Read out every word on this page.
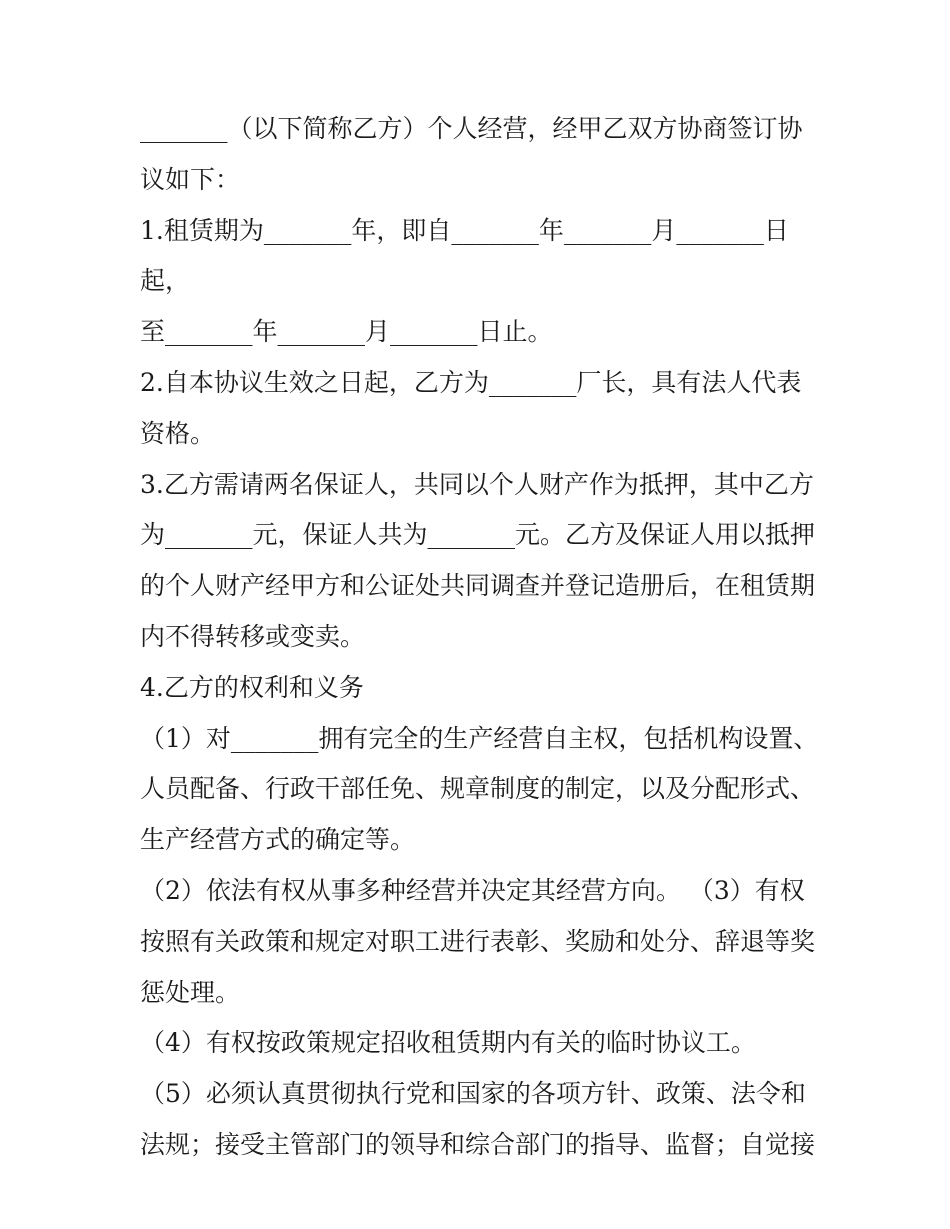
_______（以下简称乙方）个人经营，经甲乙双方协商签订协
议如下：

1.租赁期为_______年，即自_______年_______月_______日起，
至_______年_______月_______日止。

2.自本协议生效之日起，乙方为_______厂长，具有法人代表
资格。

3.乙方需请两名保证人，共同以个人财产作为抵押，其中乙方
为_______元，保证人共为_______元。乙方及保证人用以抵押
的个人财产经甲方和公证处共同调查并登记造册后，在租赁期
内不得转移或变卖。

4.乙方的权利和义务

（1）对_______拥有完全的生产经营自主权，包括机构设置、
人员配备、行政干部任免、规章制度的制定，以及分配形式、
生产经营方式的确定等。

（2）依法有权从事多种经营并决定其经营方向。 （3）有权
按照有关政策和规定对职工进行表彰、奖励和处分、辞退等奖
惩处理。

（4）有权按政策规定招收租赁期内有关的临时协议工。

（5）必须认真贯彻执行党和国家的各项方针、政策、法令和
法规；接受主管部门的领导和综合部门的指导、监督；自觉接
